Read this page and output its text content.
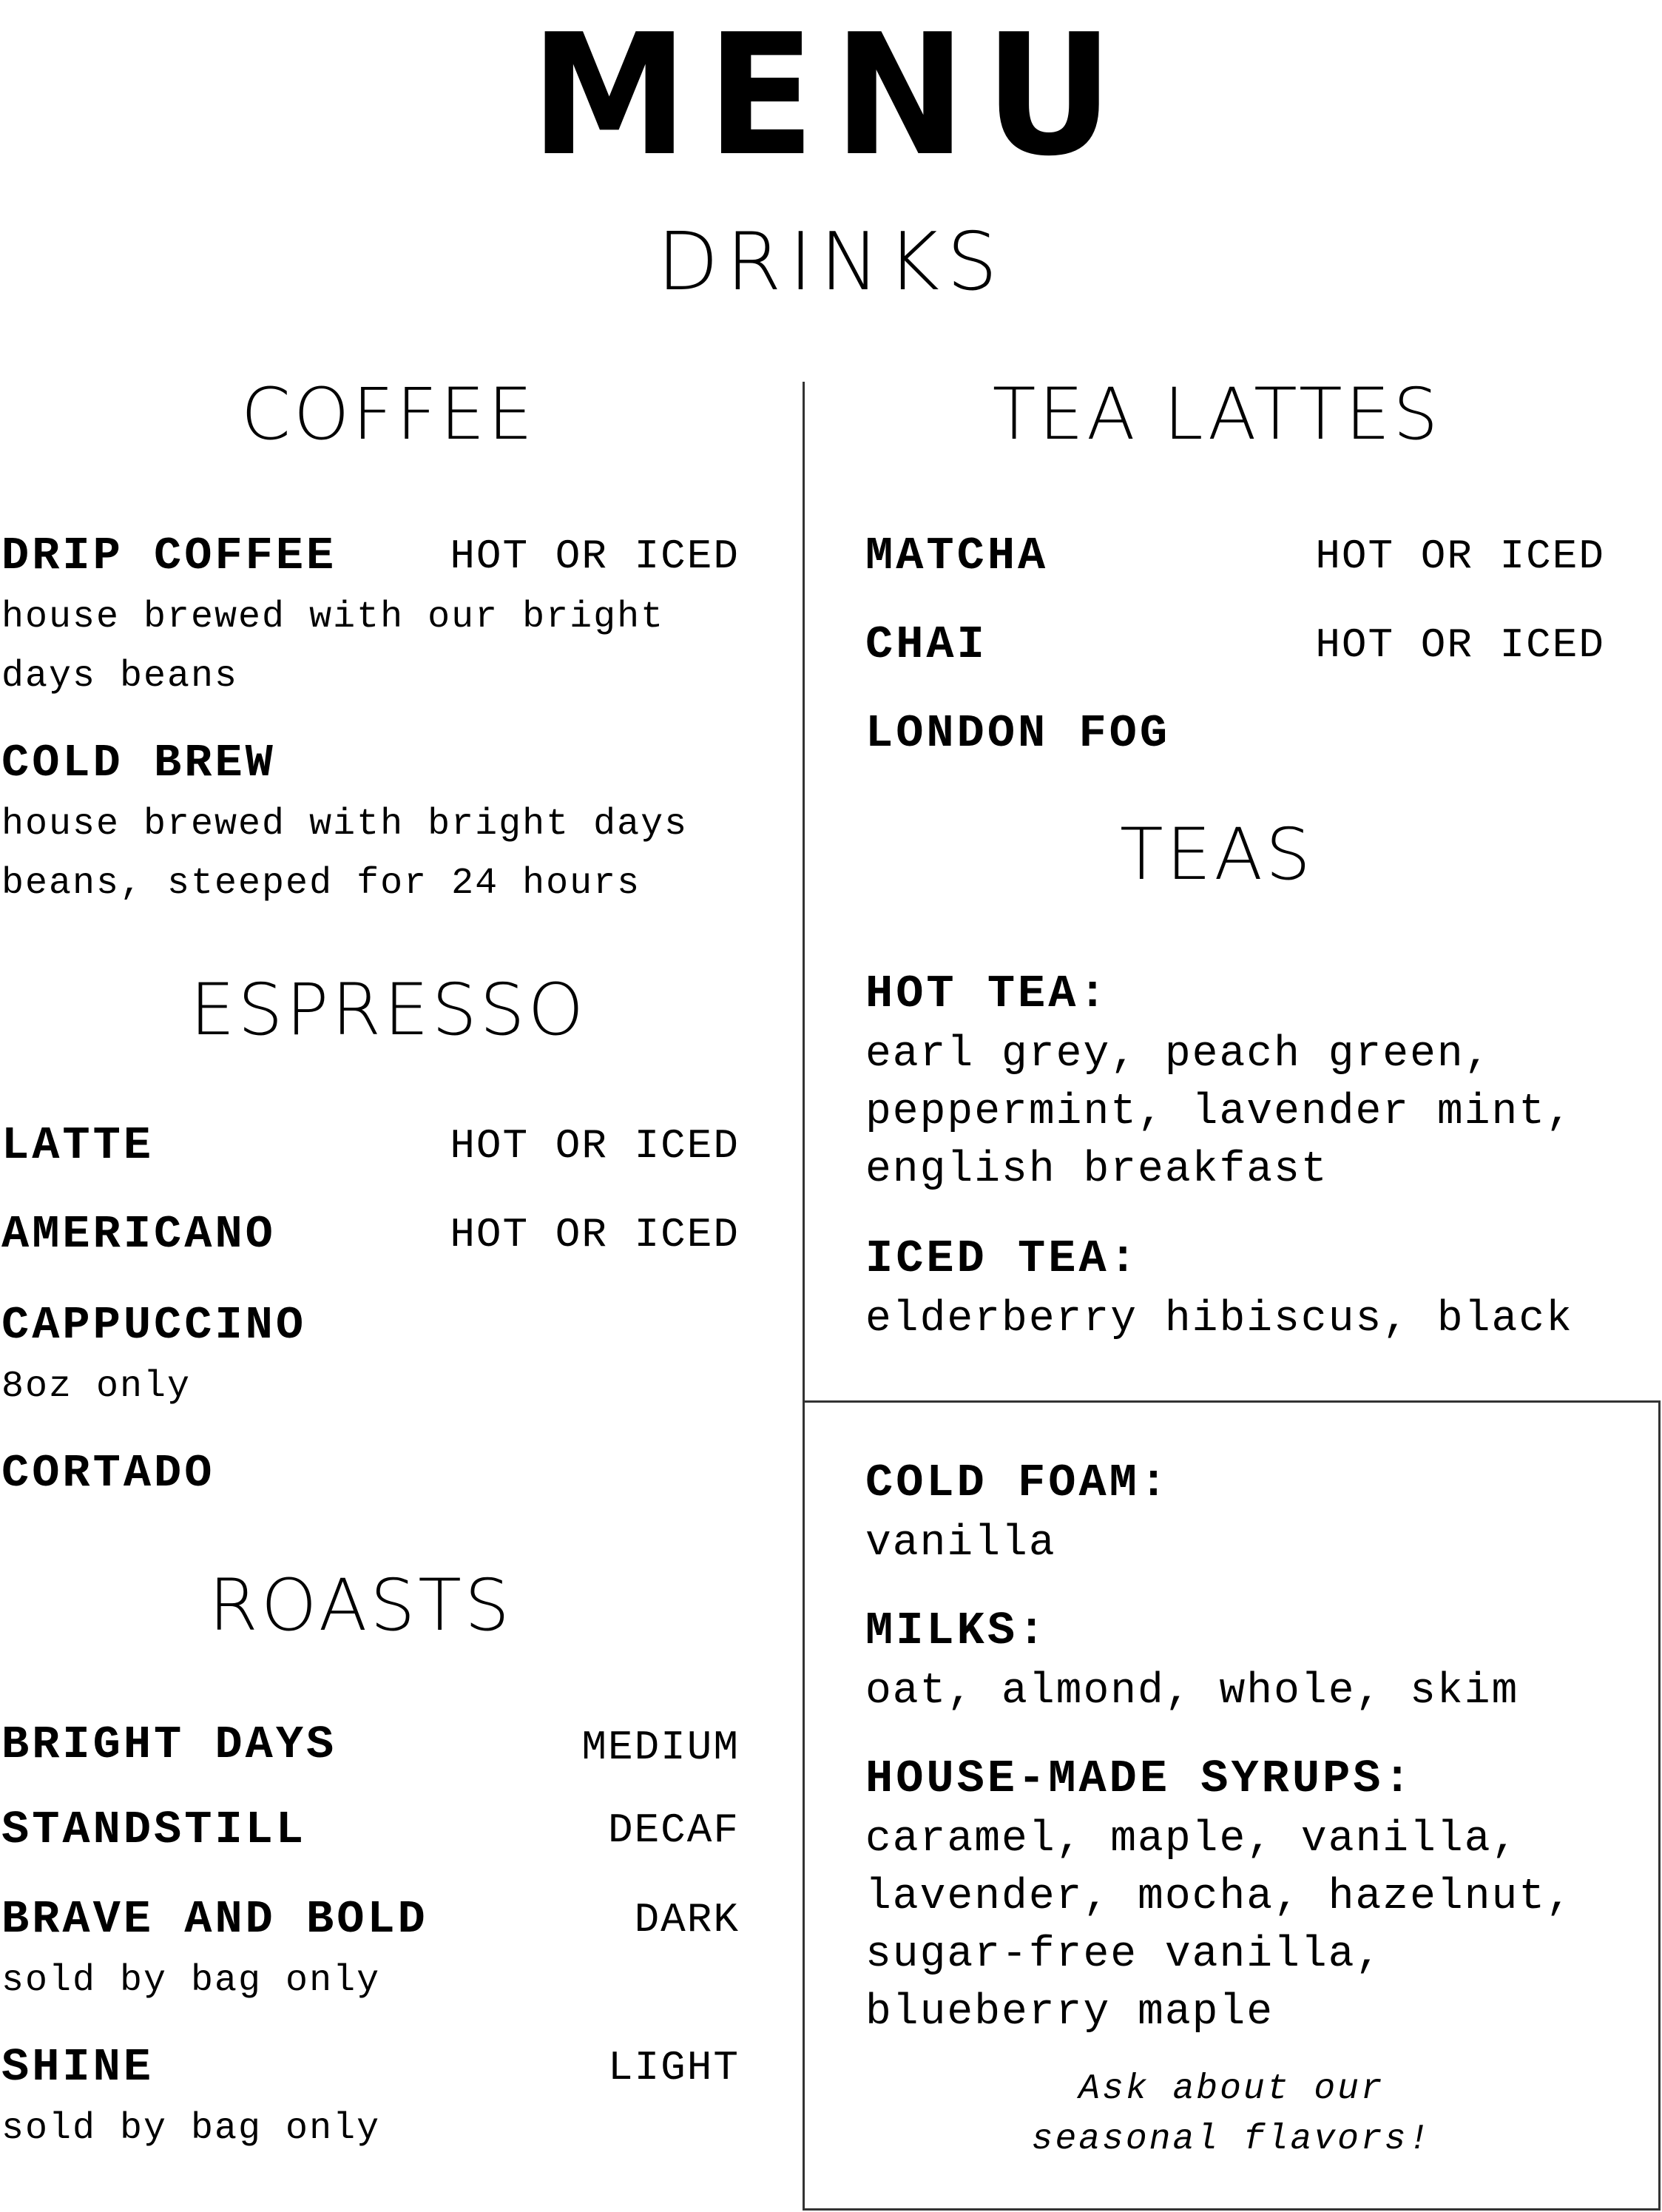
MENU
DRINKS
COFFEE
DRIP COFFEE	HOT OR ICED
house brewed with our bright
days beans
COLD BREW
house brewed with bright days
beans, steeped for 24 hours
ESPRESSO
LATTE	HOT OR ICED
AMERICANO	HOT OR ICED
CAPPUCCINO
8oz only
CORTADO
ROASTS
BRIGHT DAYS	MEDIUM
STANDSTILL	DECAF
BRAVE AND BOLD	DARK
sold by bag only
SHINE	LIGHT
sold by bag only
TEA LATTES
MATCHA	HOT OR ICED
CHAI	HOT OR ICED
LONDON FOG
TEAS
HOT TEA:
earl grey, peach green,
peppermint, lavender mint,
english breakfast
ICED TEA:
elderberry hibiscus, black
COLD FOAM:
vanilla
MILKS:
oat, almond, whole, skim
HOUSE-MADE SYRUPS:
caramel, maple, vanilla,
lavender, mocha, hazelnut,
sugar-free vanilla,
blueberry maple
Ask about our
seasonal flavors!
